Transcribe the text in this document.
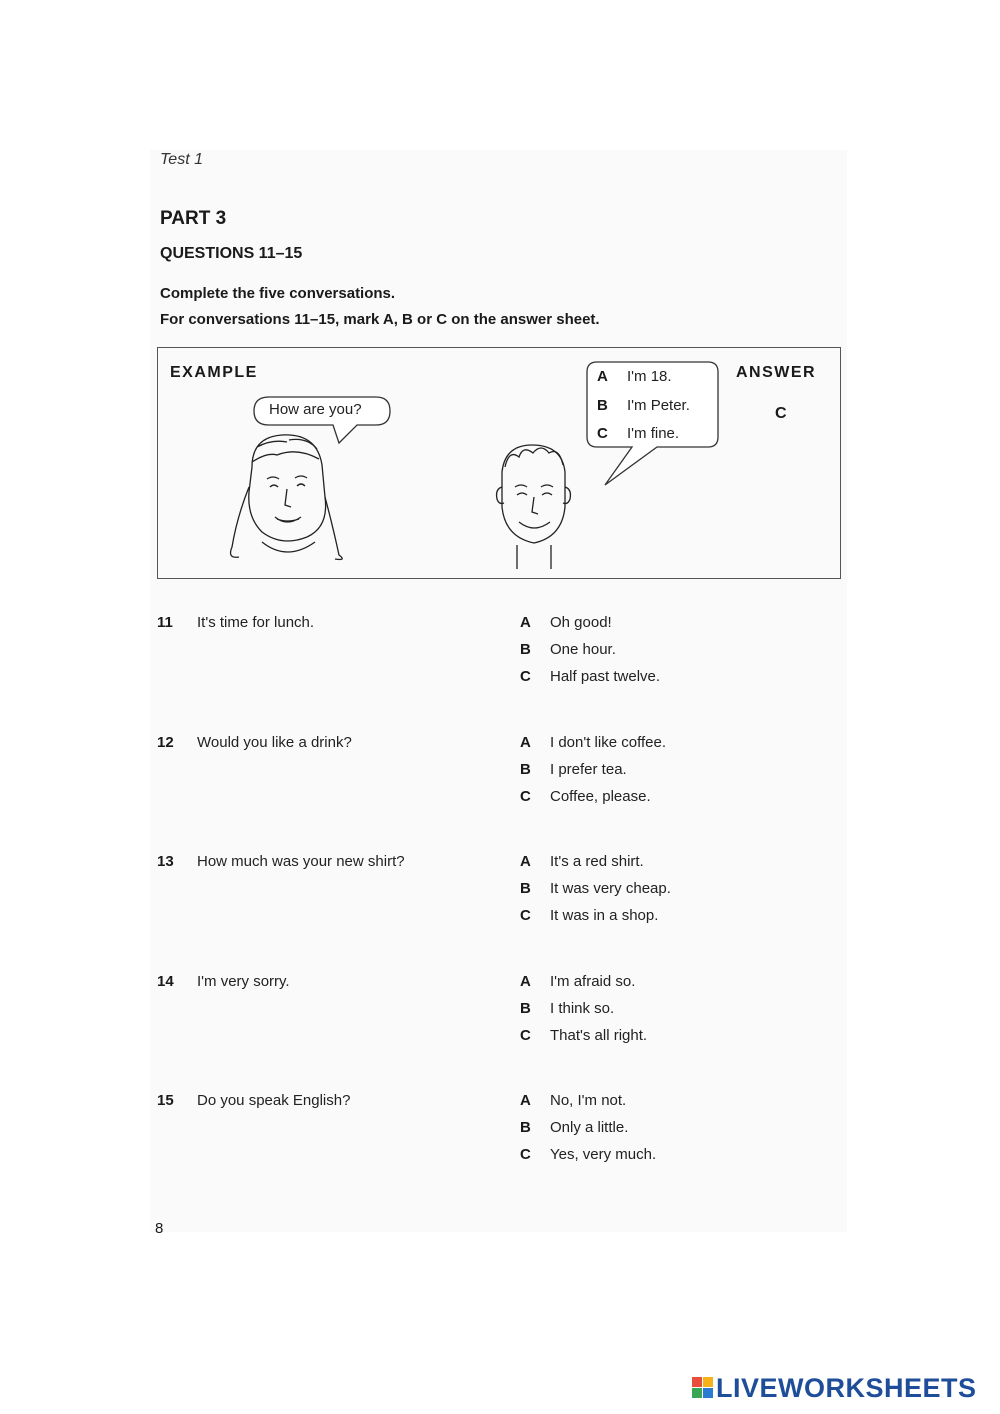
Test 1
PART 3
QUESTIONS 11–15
Complete the five conversations.
For conversations 11–15, mark A, B or C on the answer sheet.
EXAMPLE
How are you?
A I'm 18.
B I'm Peter.
C I'm fine.
ANSWER
C
11 It's time for lunch.	A Oh good!
B One hour.
C Half past twelve.
12 Would you like a drink?	A I don't like coffee.
B I prefer tea.
C Coffee, please.
13 How much was your new shirt?	A It's a red shirt.
B It was very cheap.
C It was in a shop.
14 I'm very sorry.	A I'm afraid so.
B I think so.
C That's all right.
15 Do you speak English?	A No, I'm not.
B Only a little.
C Yes, very much.
8
LIVEWORKSHEETS
